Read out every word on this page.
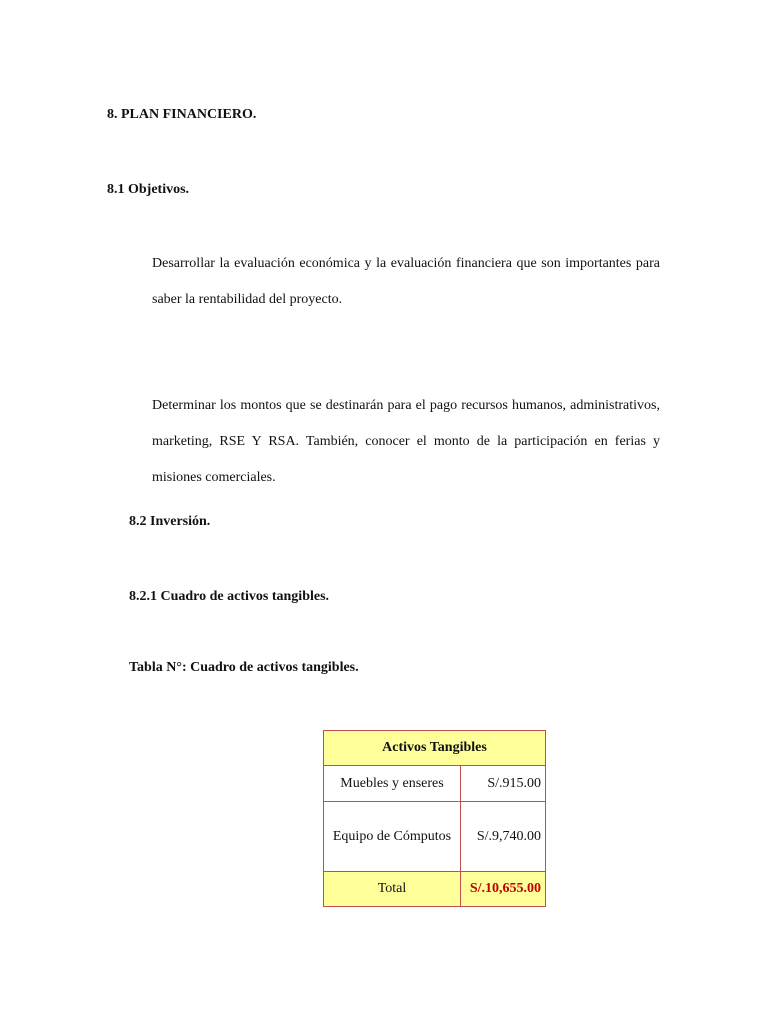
8. PLAN FINANCIERO.
8.1 Objetivos.

Desarrollar la evaluación económica y la evaluación financiera que son importantes para saber la rentabilidad del proyecto.

Determinar los montos que se destinarán para el pago recursos humanos, administrativos, marketing, RSE Y RSA. También, conocer el monto de la participación en ferias y misiones comerciales.

8.2 Inversión.
8.2.1 Cuadro de activos tangibles.
Tabla N°: Cuadro de activos tangibles.
Activos Tangibles	
Muebles y enseres	S/.915.00
Equipo de Cómputos	S/.9,740.00
Total	S/.10,655.00
